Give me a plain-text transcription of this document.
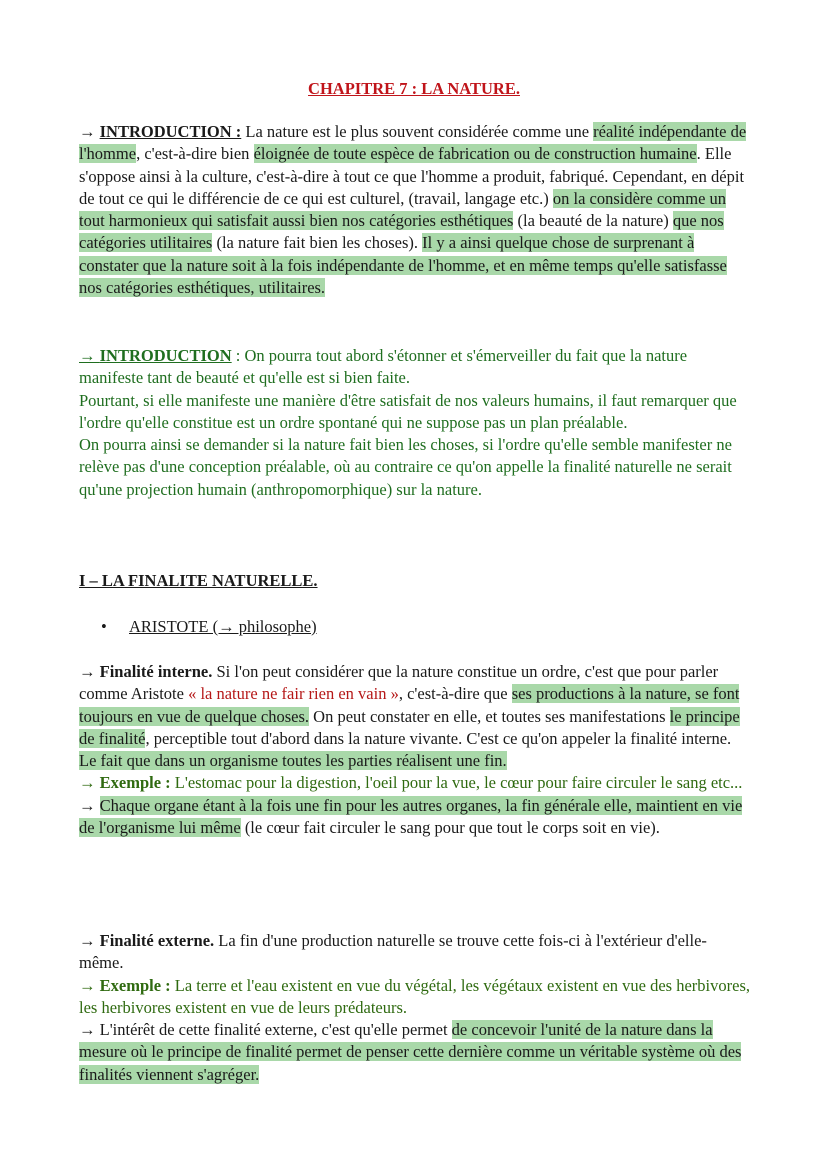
CHAPITRE 7 : LA NATURE.

→ INTRODUCTION : La nature est le plus souvent considérée comme une réalité indépendante de l'homme, c'est-à-dire bien éloignée de toute espèce de fabrication ou de construction humaine. Elle s'oppose ainsi à la culture, c'est-à-dire à tout ce que l'homme a produit, fabriqué. Cependant, en dépit de tout ce qui le différencie de ce qui est culturel, (travail, langage etc.) on la considère comme un tout harmonieux qui satisfait aussi bien nos catégories esthétiques (la beauté de la nature) que nos catégories utilitaires (la nature fait bien les choses). Il y a ainsi quelque chose de surprenant à constater que la nature soit à la fois indépendante de l'homme, et en même temps qu'elle satisfasse nos catégories esthétiques, utilitaires.

→ INTRODUCTION : On pourra tout abord s'étonner et s'émerveiller du fait que la nature manifeste tant de beauté et qu'elle est si bien faite.

Pourtant, si elle manifeste une manière d'être satisfait de nos valeurs humains, il faut remarquer que l'ordre qu'elle constitue est un ordre spontané qui ne suppose pas un plan préalable.

On pourra ainsi se demander si la nature fait bien les choses, si l'ordre qu'elle semble manifester ne relève pas d'une conception préalable, où au contraire ce qu'on appelle la finalité naturelle ne serait qu'une projection humain (anthropomorphique) sur la nature.

I – LA FINALITE NATURELLE.
• ARISTOTE (→ philosophe)

→ Finalité interne. Si l'on peut considérer que la nature constitue un ordre, c'est que pour parler comme Aristote « la nature ne fair rien en vain », c'est-à-dire que ses productions à la nature, se font toujours en vue de quelque choses. On peut constater en elle, et toutes ses manifestations le principe de finalité, perceptible tout d'abord dans la nature vivante. C'est ce qu'on appeler la finalité interne. Le fait que dans un organisme toutes les parties réalisent une fin.

→ Exemple : L'estomac pour la digestion, l'oeil pour la vue, le cœur pour faire circuler le sang etc...

→ Chaque organe étant à la fois une fin pour les autres organes, la fin générale elle, maintient en vie de l'organisme lui même (le cœur fait circuler le sang pour que tout le corps soit en vie).

→ Finalité externe. La fin d'une production naturelle se trouve cette fois-ci à l'extérieur d'elle-même.

→ Exemple : La terre et l'eau existent en vue du végétal, les végétaux existent en vue des herbivores, les herbivores existent en vue de leurs prédateurs.

→ L'intérêt de cette finalité externe, c'est qu'elle permet de concevoir l'unité de la nature dans la mesure où le principe de finalité permet de penser cette dernière comme un véritable système où des finalités viennent s'agréger.
